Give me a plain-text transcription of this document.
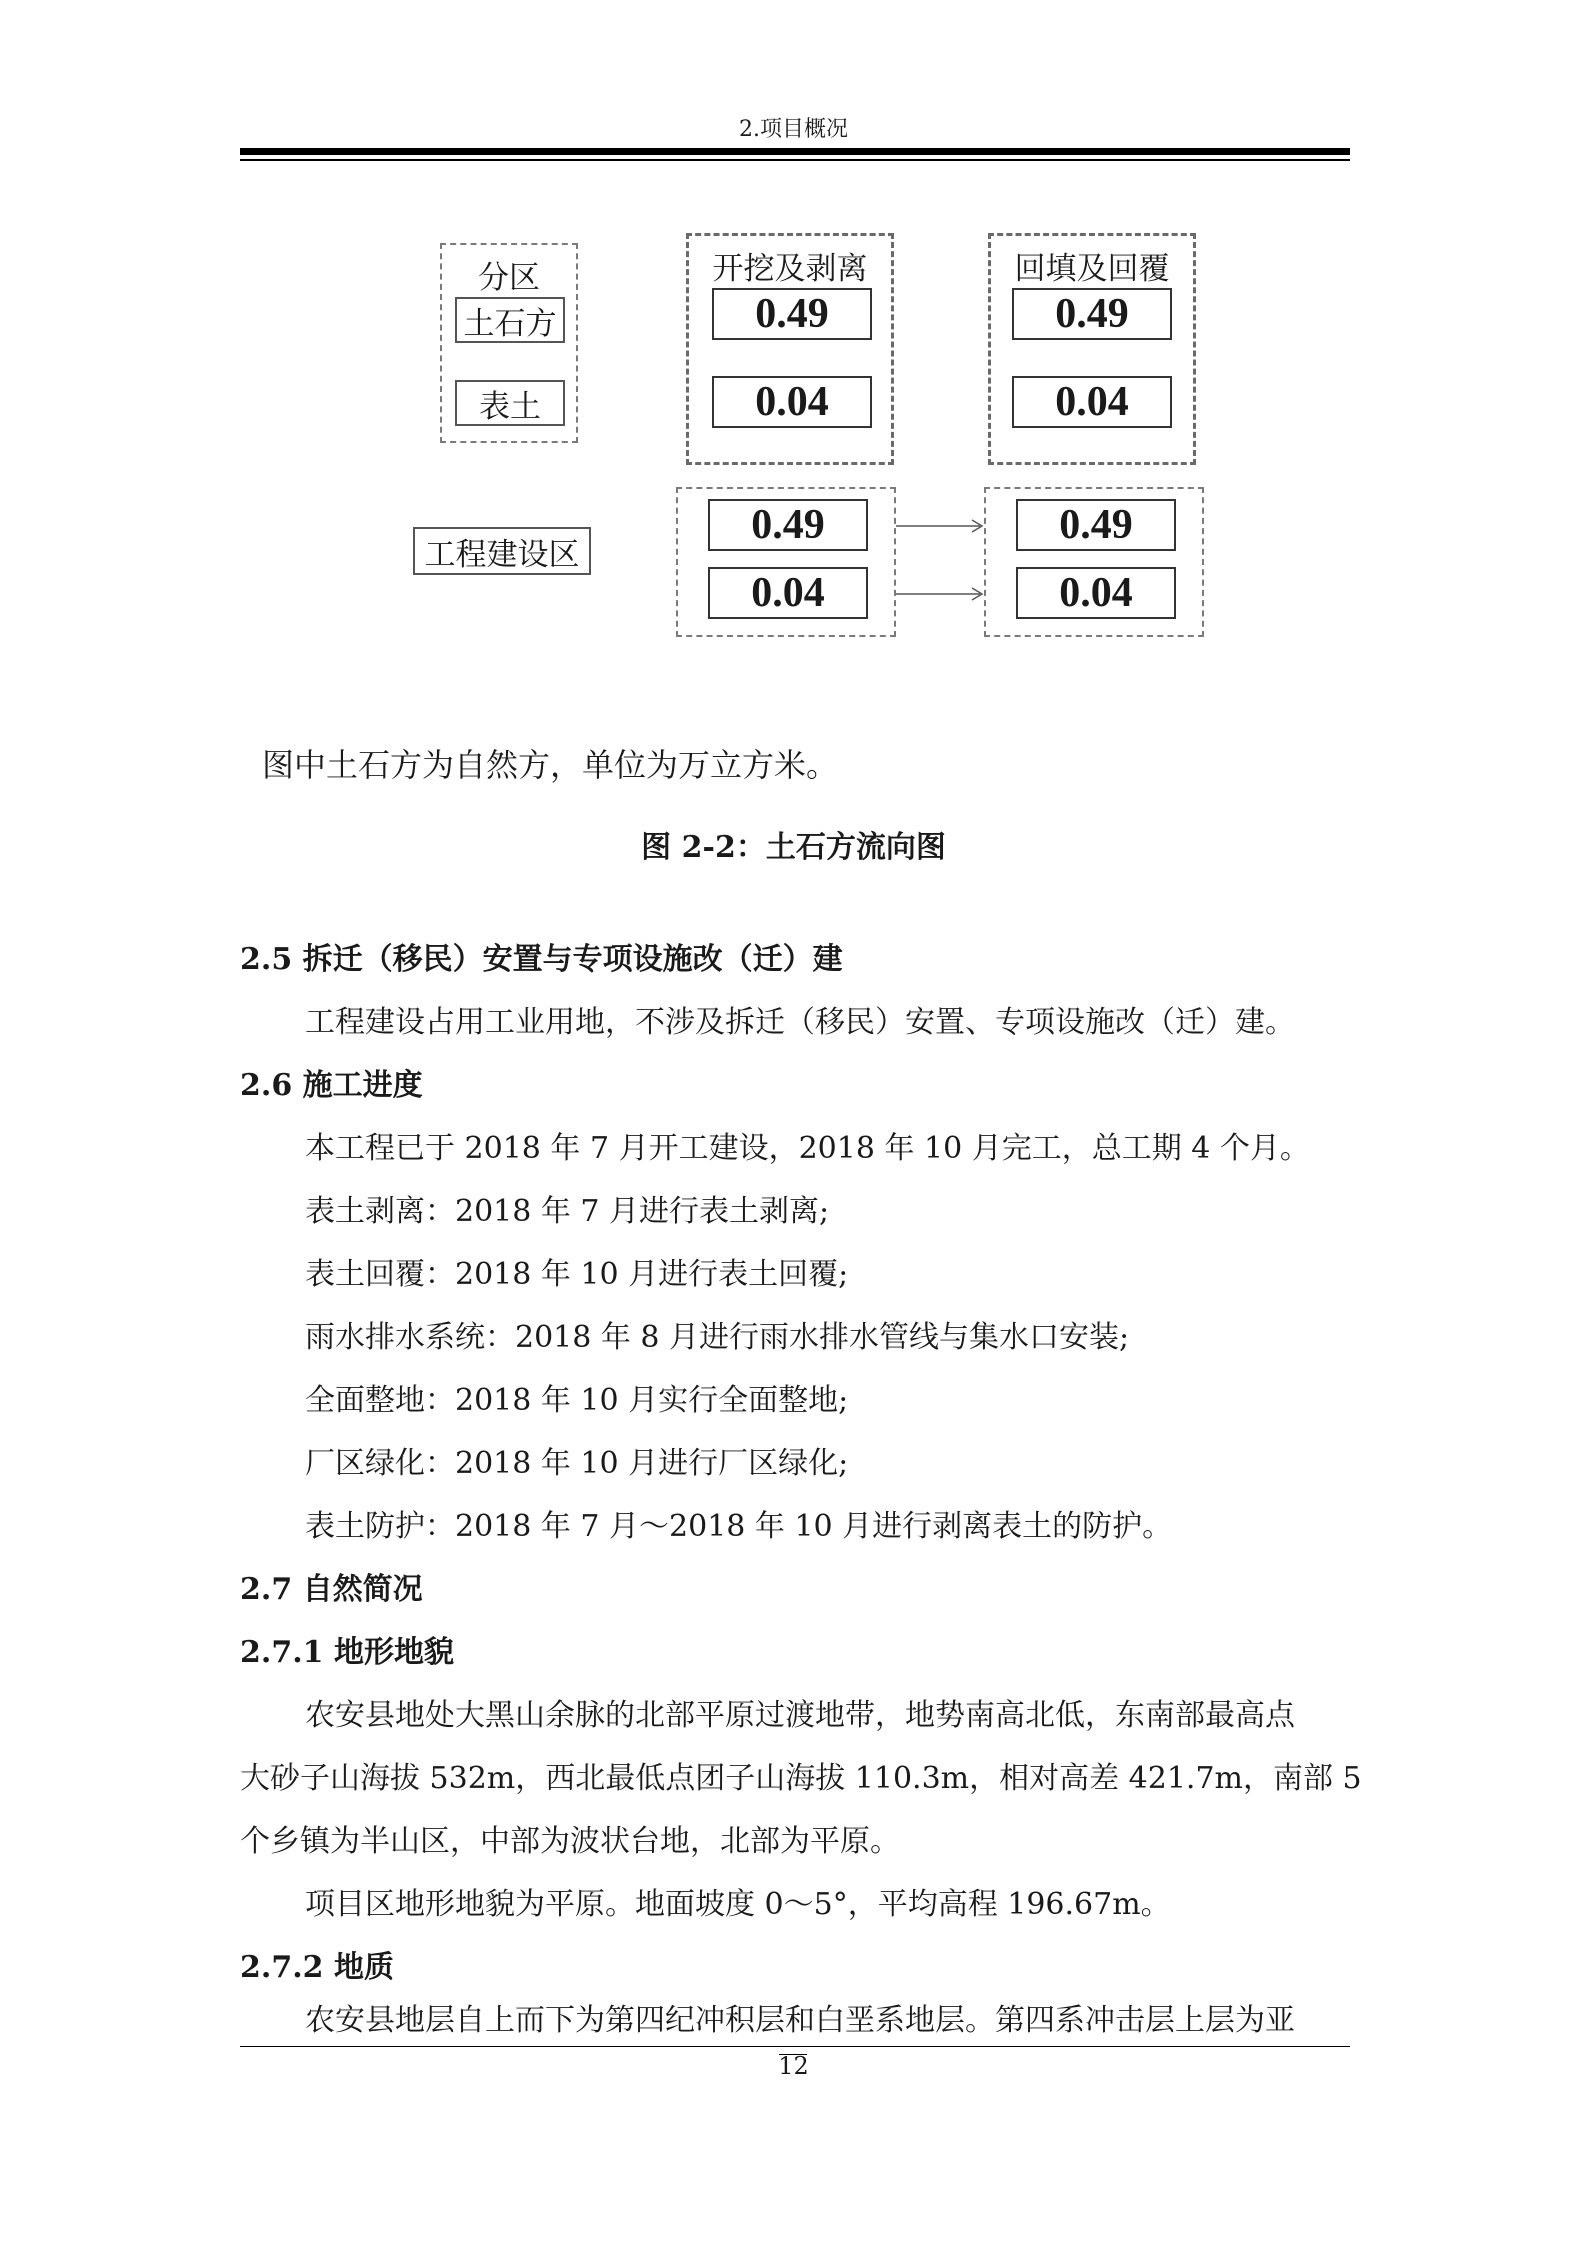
2.项目概况
分区
土石方
表土
开挖及剥离
0.49
0.04
回填及回覆
0.49
0.04
工程建设区
0.49
0.04
0.49
0.04
图中土石方为自然方，单位为万立方米。
图 2-2：土石方流向图
2.5 拆迁（移民）安置与专项设施改（迁）建
工程建设占用工业用地，不涉及拆迁（移民）安置、专项设施改（迁）建。
2.6 施工进度
本工程已于 2018 年 7 月开工建设，2018 年 10 月完工，总工期 4 个月。
表土剥离：2018 年 7 月进行表土剥离;
表土回覆：2018 年 10 月进行表土回覆;
雨水排水系统：2018 年 8 月进行雨水排水管线与集水口安装;
全面整地：2018 年 10 月实行全面整地;
厂区绿化：2018 年 10 月进行厂区绿化;
表土防护：2018 年 7 月～2018 年 10 月进行剥离表土的防护。
2.7 自然简况
2.7.1 地形地貌
农安县地处大黑山余脉的北部平原过渡地带，地势南高北低，东南部最高点
大砂子山海拔 532m，西北最低点团子山海拔 110.3m，相对高差 421.7m，南部 5
个乡镇为半山区，中部为波状台地，北部为平原。
项目区地形地貌为平原。地面坡度 0～5°，平均高程 196.67m。
2.7.2 地质
农安县地层自上而下为第四纪冲积层和白垩系地层。第四系冲击层上层为亚
12
